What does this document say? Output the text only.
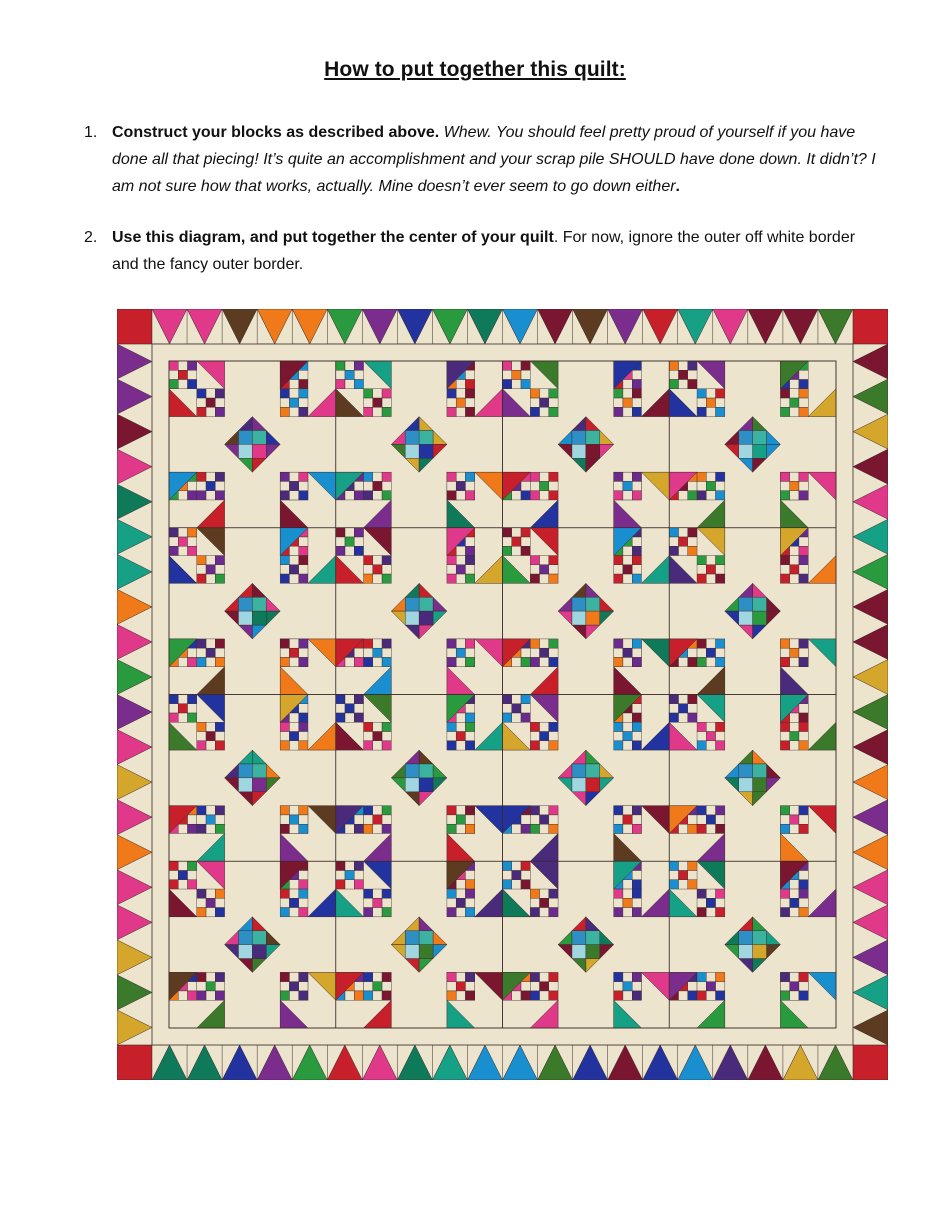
How to put together this quilt:
1. Construct your blocks as described above. Whew. You should feel pretty proud of yourself if you have done all that piecing! It’s quite an accomplishment and your scrap pile SHOULD have done down. It didn’t? I am not sure how that works, actually. Mine doesn’t ever seem to go down either.
2. Use this diagram, and put together the center of your quilt. For now, ignore the outer off white border and the fancy outer border.
